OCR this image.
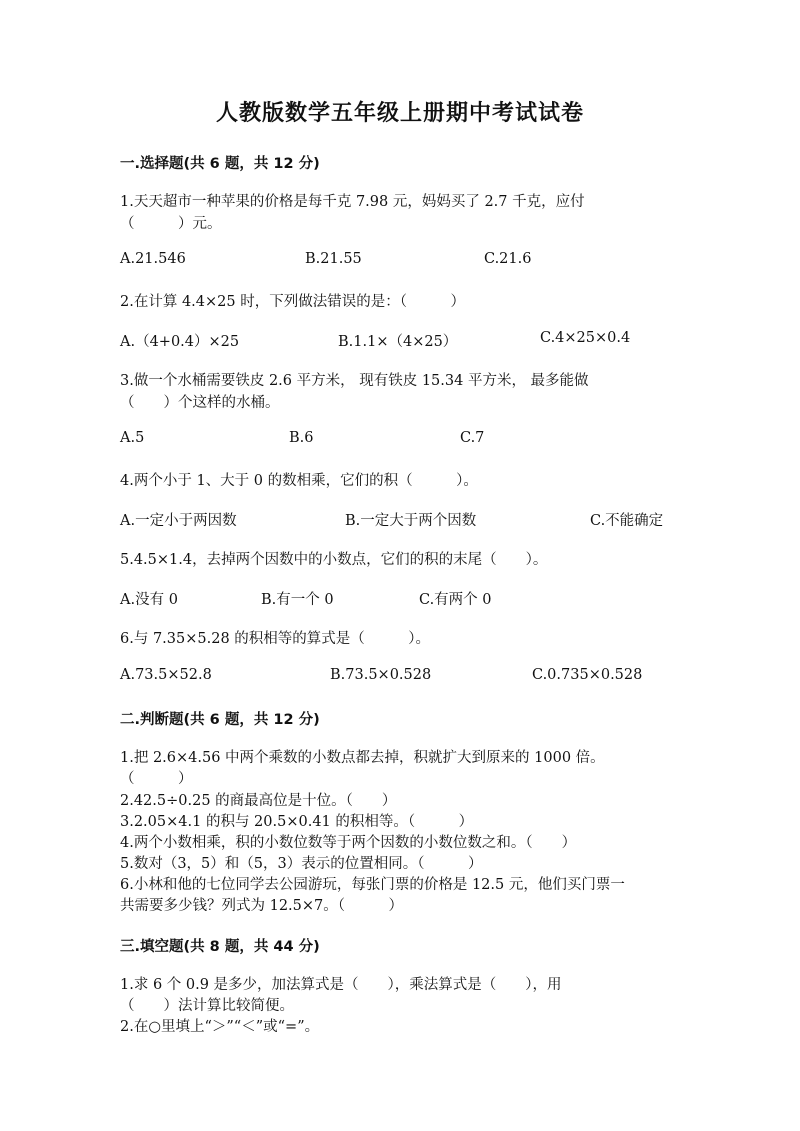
人教版数学五年级上册期中考试试卷
一.选择题(共 6 题，共 12 分)
1.天天超市一种苹果的价格是每千克 7.98 元，妈妈买了 2.7 千克，应付
（　　　）元。
A.21.546	B.21.55	C.21.6
2.在计算 4.4×25 时，下列做法错误的是：（　　　）
A.（4+0.4）×25	B.1.1×（4×25）	C.4×25×0.4
3.做一个水桶需要铁皮 2.6 平方米， 现有铁皮 15.34 平方米， 最多能做
（　　）个这样的水桶。
A.5	B.6	C.7
4.两个小于 1、大于 0 的数相乘，它们的积（　　　）。
A.一定小于两因数	B.一定大于两个因数	C.不能确定
5.4.5×1.4，去掉两个因数中的小数点，它们的积的末尾（　　）。
A.没有 0	B.有一个 0	C.有两个 0
6.与 7.35×5.28 的积相等的算式是（　　　）。
A.73.5×52.8	B.73.5×0.528	C.0.735×0.528
二.判断题(共 6 题，共 12 分)
1.把 2.6×4.56 中两个乘数的小数点都去掉，积就扩大到原来的 1000 倍。
（　　　）
2.42.5÷0.25 的商最高位是十位。（　　）
3.2.05×4.1 的积与 20.5×0.41 的积相等。（　　　）
4.两个小数相乘，积的小数位数等于两个因数的小数位数之和。（　　）
5.数对（3，5）和（5，3）表示的位置相同。（　　　）
6.小林和他的七位同学去公园游玩，每张门票的价格是 12.5 元，他们买门票一
共需要多少钱？列式为 12.5×7。（　　　）
三.填空题(共 8 题，共 44 分)
1.求 6 个 0.9 是多少，加法算式是（　　），乘法算式是（　　），用
（　　）法计算比较简便。
2.在○里填上“＞”“＜”或“=”。
